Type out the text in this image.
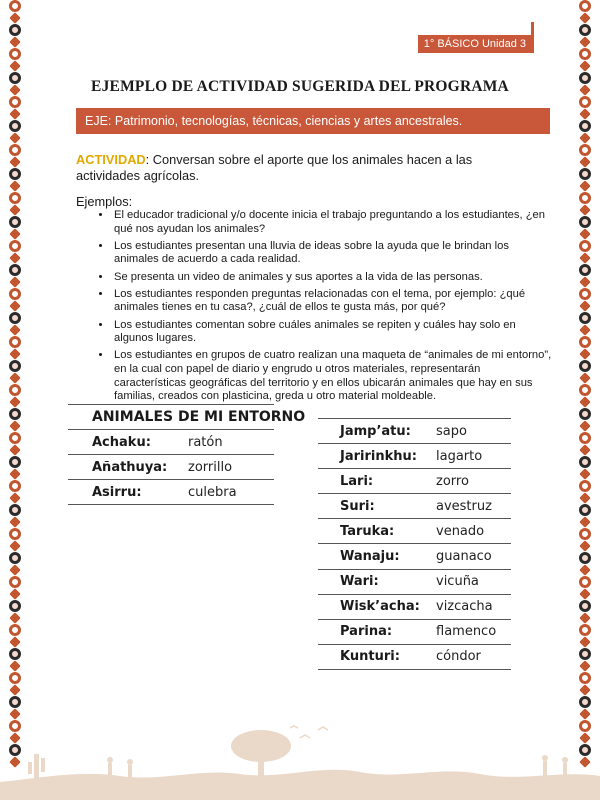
1° BÁSICO Unidad 3
EJEMPLO DE ACTIVIDAD SUGERIDA DEL PROGRAMA
EJE: Patrimonio, tecnologías, técnicas, ciencias y artes ancestrales.
ACTIVIDAD: Conversan sobre el aporte que los animales hacen a las actividades agrícolas.
Ejemplos:
• El educador tradicional y/o docente inicia el trabajo preguntando a los estudiantes, ¿en qué nos ayudan los animales?
• Los estudiantes presentan una lluvia de ideas sobre la ayuda que le brindan los animales de acuerdo a cada realidad.
• Se presenta un video de animales y sus aportes a la vida de las personas.
• Los estudiantes responden preguntas relacionadas con el tema, por ejemplo: ¿qué animales tienes en tu casa?, ¿cuál de ellos te gusta más, por qué?
• Los estudiantes comentan sobre cuáles animales se repiten y cuáles hay solo en algunos lugares.
• Los estudiantes en grupos de cuatro realizan una maqueta de “animales de mi entorno”, en la cual con papel de diario y engrudo u otros materiales, representarán características geográficas del territorio y en ellos ubicarán animales que hay en sus familias, creados con plasticina, greda u otro material moldeable.
ANIMALES DE MI ENTORNO
Achaku:	ratón
Añathuya:	zorrillo
Asirru:	culebra
Jamp’atu:	sapo
Jaririnkhu:	lagarto
Lari:	zorro
Suri:	avestruz
Taruka:	venado
Wanaju:	guanaco
Wari:	vicuña
Wisk’acha:	vizcacha
Parina:	flamenco
Kunturi:	cóndor
